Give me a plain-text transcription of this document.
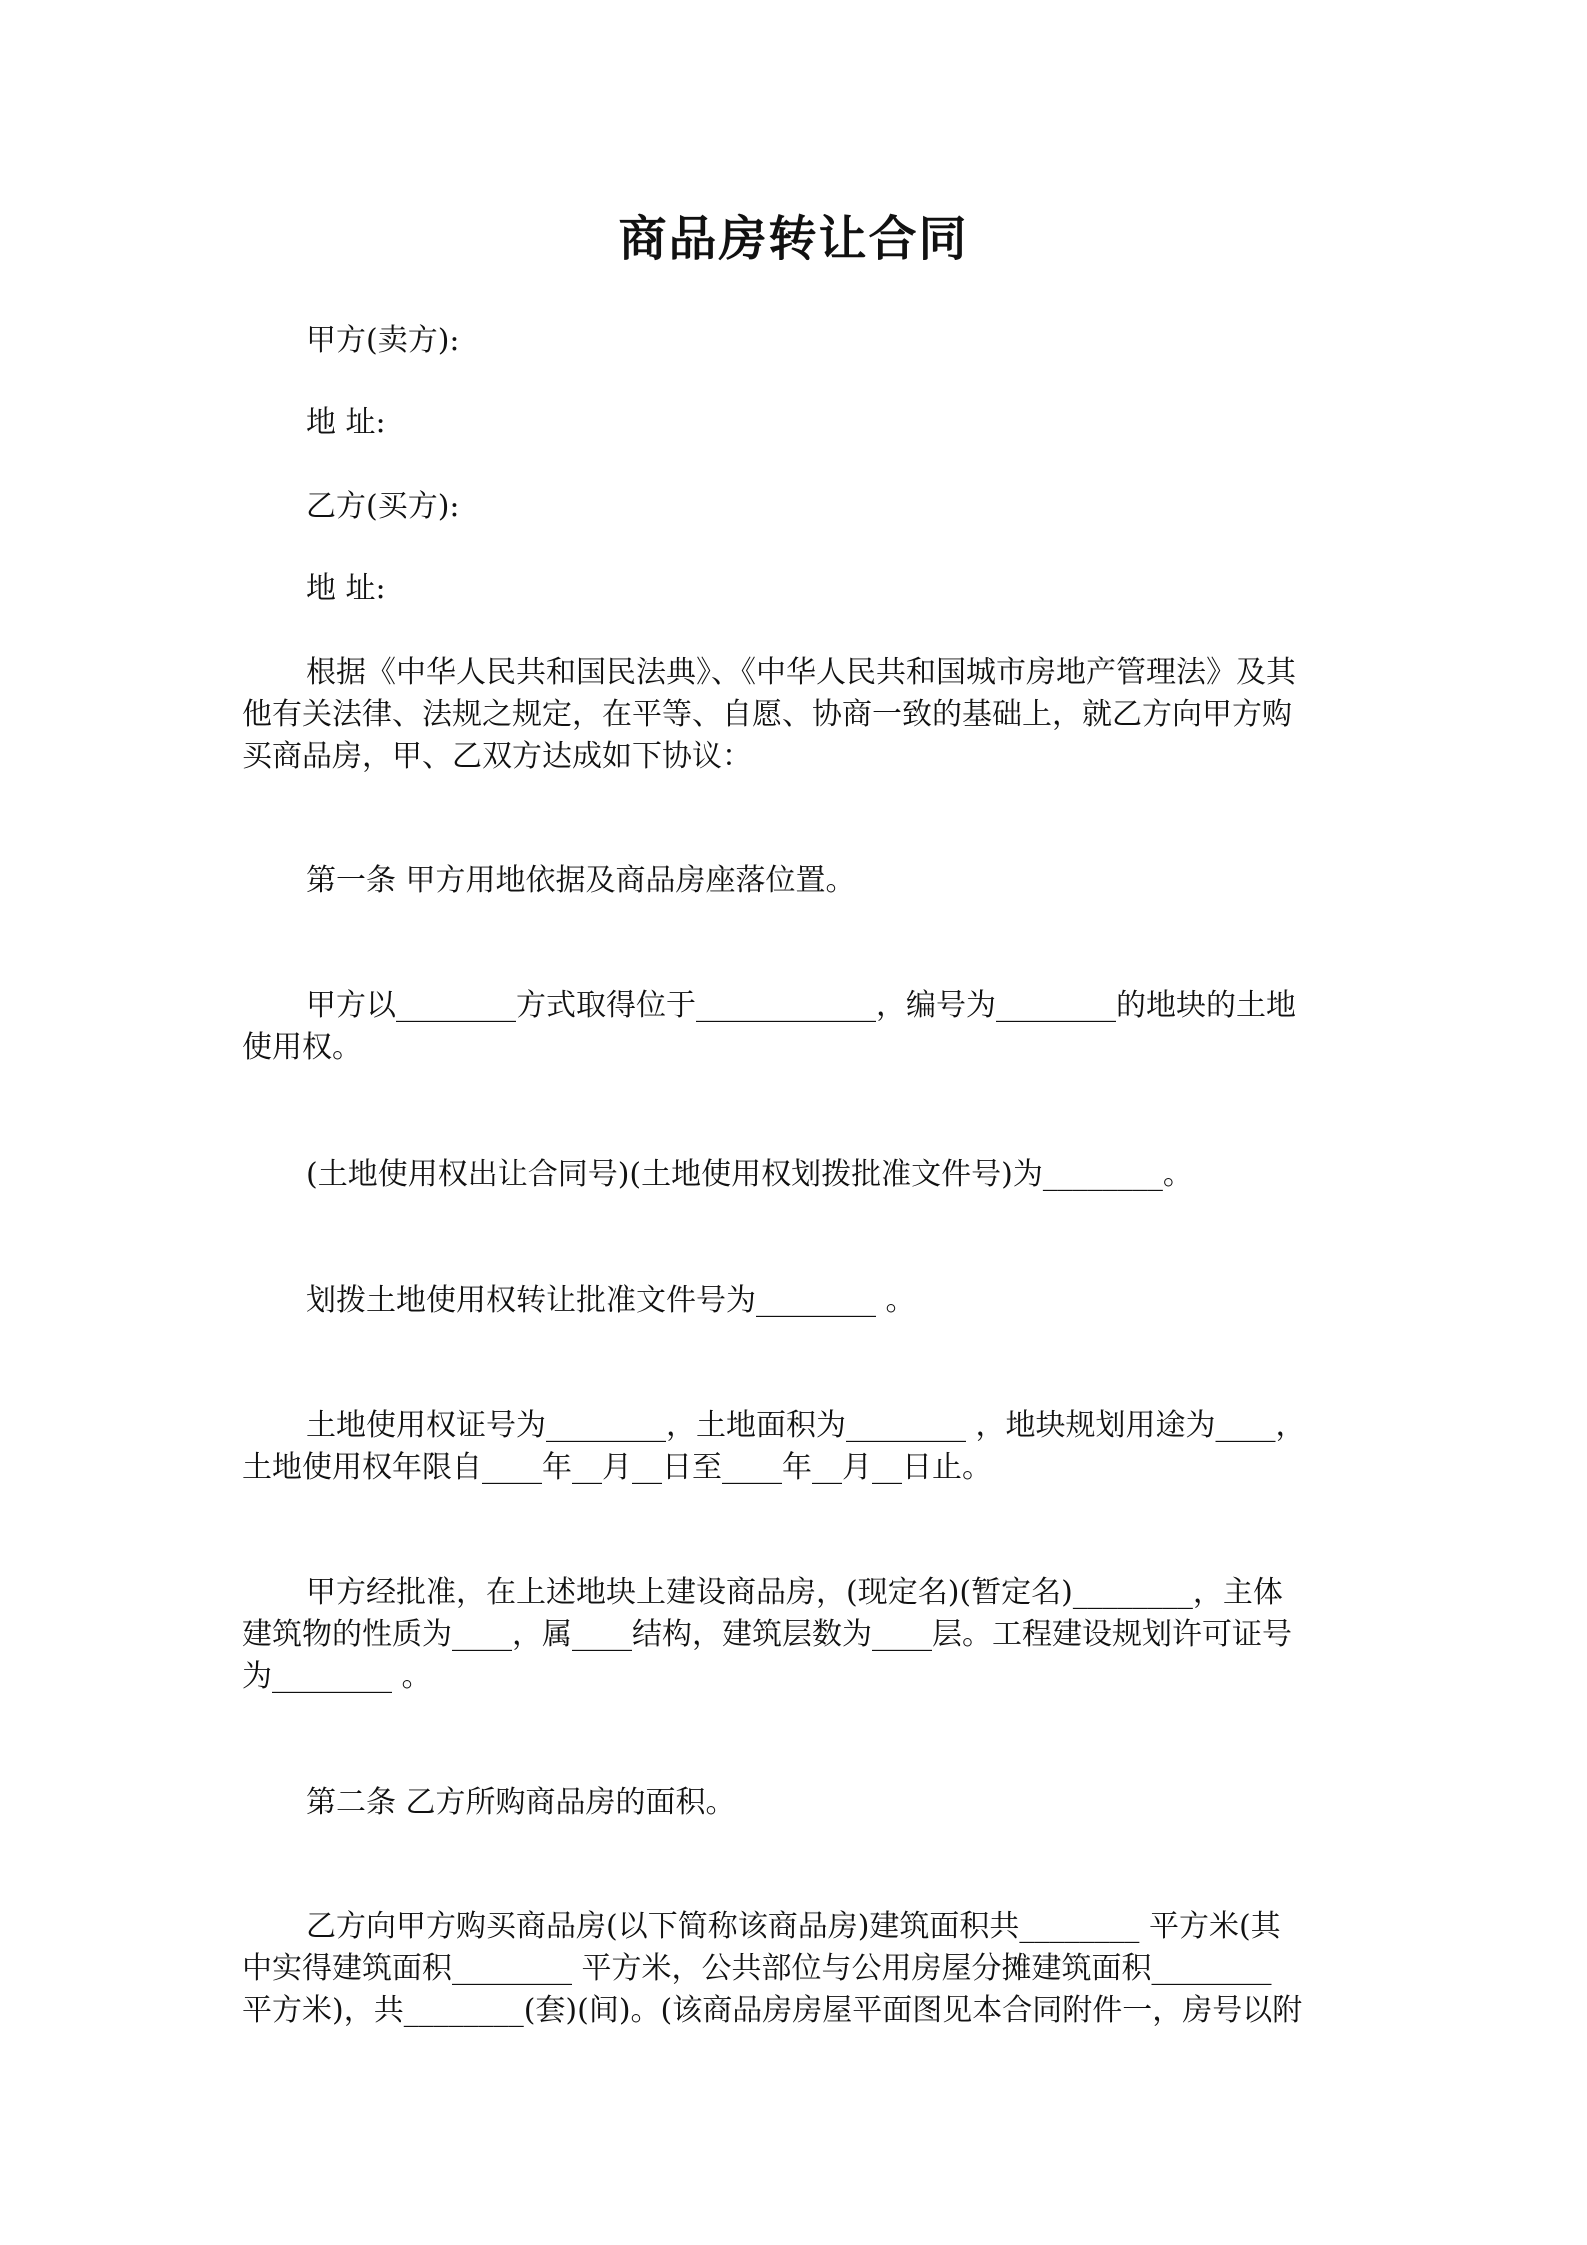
商品房转让合同

甲方(卖方):

地 址:

乙方(买方):

地 址:

根据《中华人民共和国民法典》、《中华人民共和国城市房地产管理法》及其

他有关法律、法规之规定，在平等、自愿、协商一致的基础上，就乙方向甲方购

买商品房，甲、乙双方达成如下协议：

第一条 甲方用地依据及商品房座落位置。

甲方以________方式取得位于____________，编号为________的地块的土地

使用权。

(土地使用权出让合同号)(土地使用权划拨批准文件号)为________。

划拨土地使用权转让批准文件号为________ 。

土地使用权证号为________，土地面积为________ ，地块规划用途为____，

土地使用权年限自____年__月__日至____年__月__日止。

甲方经批准，在上述地块上建设商品房，(现定名)(暂定名)________，主体

建筑物的性质为____，属____结构，建筑层数为____层。工程建设规划许可证号

为________ 。

第二条 乙方所购商品房的面积。

乙方向甲方购买商品房(以下简称该商品房)建筑面积共________ 平方米(其

中实得建筑面积________ 平方米，公共部位与公用房屋分摊建筑面积________

平方米)，共________(套)(间)。(该商品房房屋平面图见本合同附件一，房号以附
